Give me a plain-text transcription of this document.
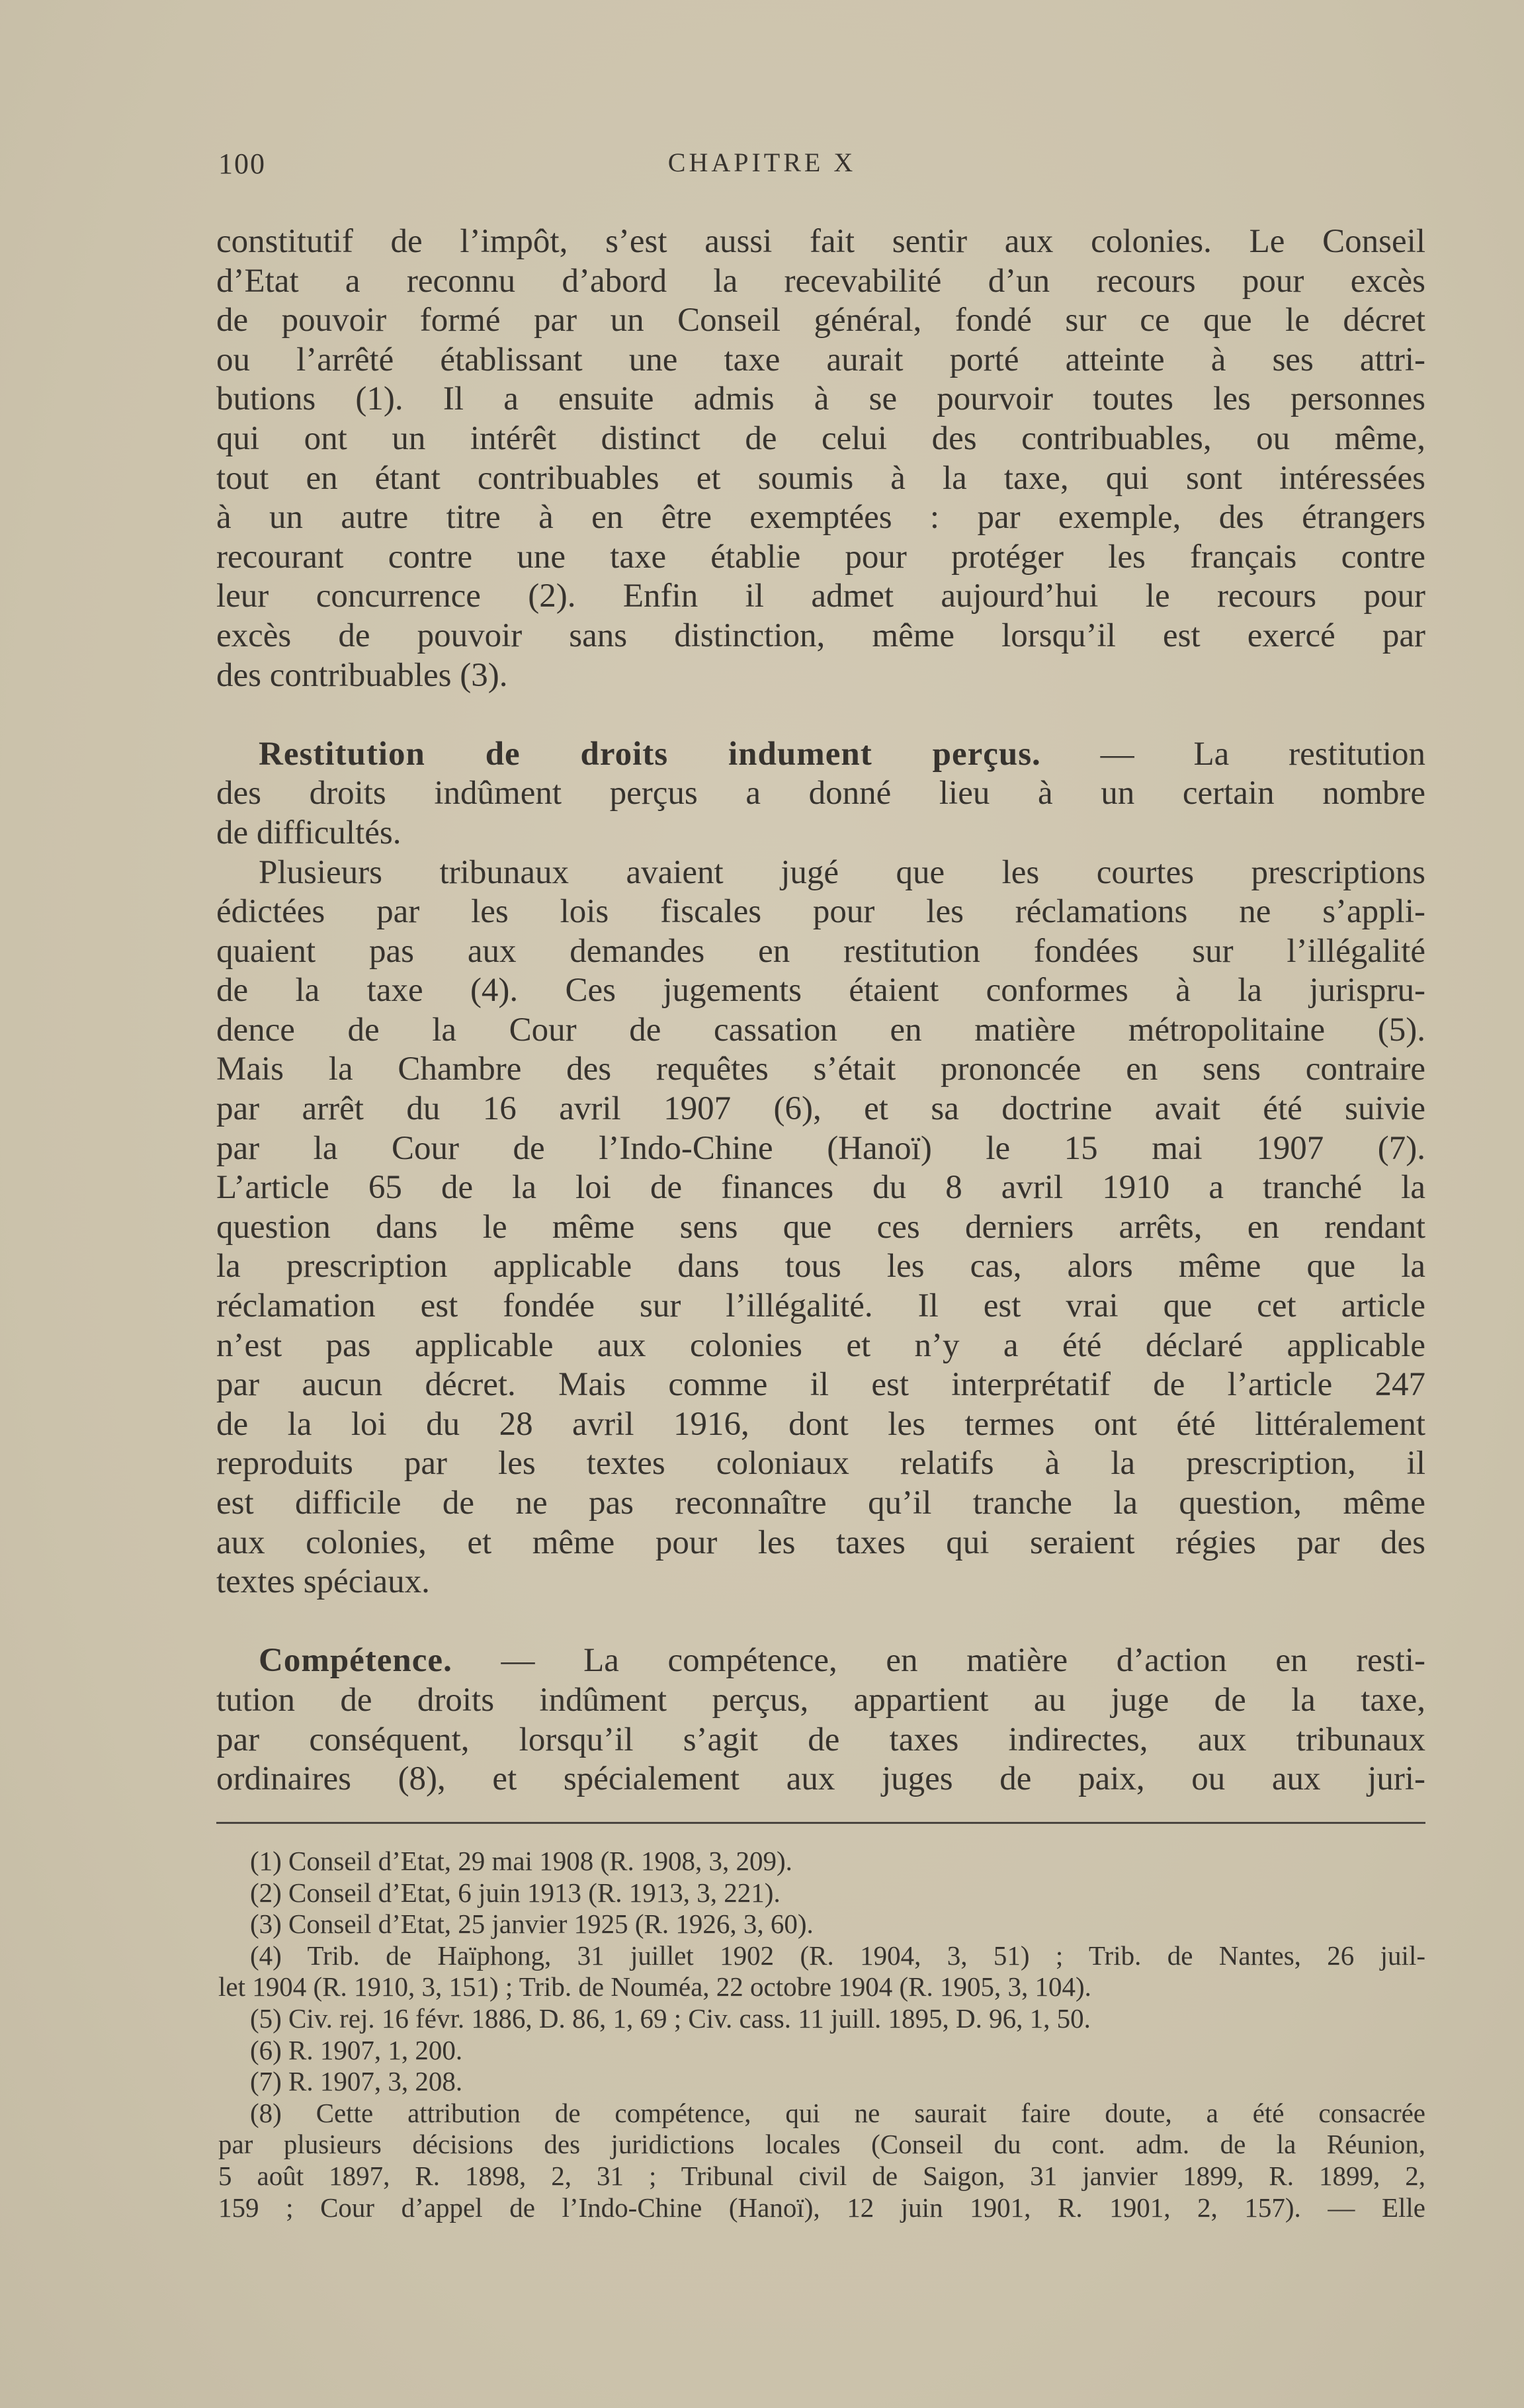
100	CHAPITRE X
constitutif de l’impôt, s’est aussi fait sentir aux colonies. Le Conseil
d’Etat a reconnu d’abord la recevabilité d’un recours pour excès
de pouvoir formé par un Conseil général, fondé sur ce que le décret
ou l’arrêté établissant une taxe aurait porté atteinte à ses attri-
butions (1). Il a ensuite admis à se pourvoir toutes les personnes
qui ont un intérêt distinct de celui des contribuables, ou même,
tout en étant contribuables et soumis à la taxe, qui sont intéressées
à un autre titre à en être exemptées : par exemple, des étrangers
recourant contre une taxe établie pour protéger les français contre
leur concurrence (2). Enfin il admet aujourd’hui le recours pour
excès de pouvoir sans distinction, même lorsqu’il est exercé par
des contribuables (3).
Restitution de droits indument perçus. — La restitution
des droits indûment perçus a donné lieu à un certain nombre
de difficultés.
Plusieurs tribunaux avaient jugé que les courtes prescriptions
édictées par les lois fiscales pour les réclamations ne s’appli-
quaient pas aux demandes en restitution fondées sur l’illégalité
de la taxe (4). Ces jugements étaient conformes à la jurispru-
dence de la Cour de cassation en matière métropolitaine (5).
Mais la Chambre des requêtes s’était prononcée en sens contraire
par arrêt du 16 avril 1907 (6), et sa doctrine avait été suivie
par la Cour de l’Indo-Chine (Hanoï) le 15 mai 1907 (7).
L’article 65 de la loi de finances du 8 avril 1910 a tranché la
question dans le même sens que ces derniers arrêts, en rendant
la prescription applicable dans tous les cas, alors même que la
réclamation est fondée sur l’illégalité. Il est vrai que cet article
n’est pas applicable aux colonies et n’y a été déclaré applicable
par aucun décret. Mais comme il est interprétatif de l’article 247
de la loi du 28 avril 1916, dont les termes ont été littéralement
reproduits par les textes coloniaux relatifs à la prescription, il
est difficile de ne pas reconnaître qu’il tranche la question, même
aux colonies, et même pour les taxes qui seraient régies par des
textes spéciaux.
Compétence. — La compétence, en matière d’action en resti-
tution de droits indûment perçus, appartient au juge de la taxe,
par conséquent, lorsqu’il s’agit de taxes indirectes, aux tribunaux
ordinaires (8), et spécialement aux juges de paix, ou aux juri-
(1) Conseil d’Etat, 29 mai 1908 (R. 1908, 3, 209).
(2) Conseil d’Etat, 6 juin 1913 (R. 1913, 3, 221).
(3) Conseil d’Etat, 25 janvier 1925 (R. 1926, 3, 60).
(4) Trib. de Haïphong, 31 juillet 1902 (R. 1904, 3, 51) ; Trib. de Nantes, 26 juil-
let 1904 (R. 1910, 3, 151) ; Trib. de Nouméa, 22 octobre 1904 (R. 1905, 3, 104).
(5) Civ. rej. 16 févr. 1886, D. 86, 1, 69 ; Civ. cass. 11 juill. 1895, D. 96, 1, 50.
(6) R. 1907, 1, 200.
(7) R. 1907, 3, 208.
(8) Cette attribution de compétence, qui ne saurait faire doute, a été consacrée
par plusieurs décisions des juridictions locales (Conseil du cont. adm. de la Réunion,
5 août 1897, R. 1898, 2, 31 ; Tribunal civil de Saigon, 31 janvier 1899, R. 1899, 2,
159 ; Cour d’appel de l’Indo-Chine (Hanoï), 12 juin 1901, R. 1901, 2, 157). — Elle
